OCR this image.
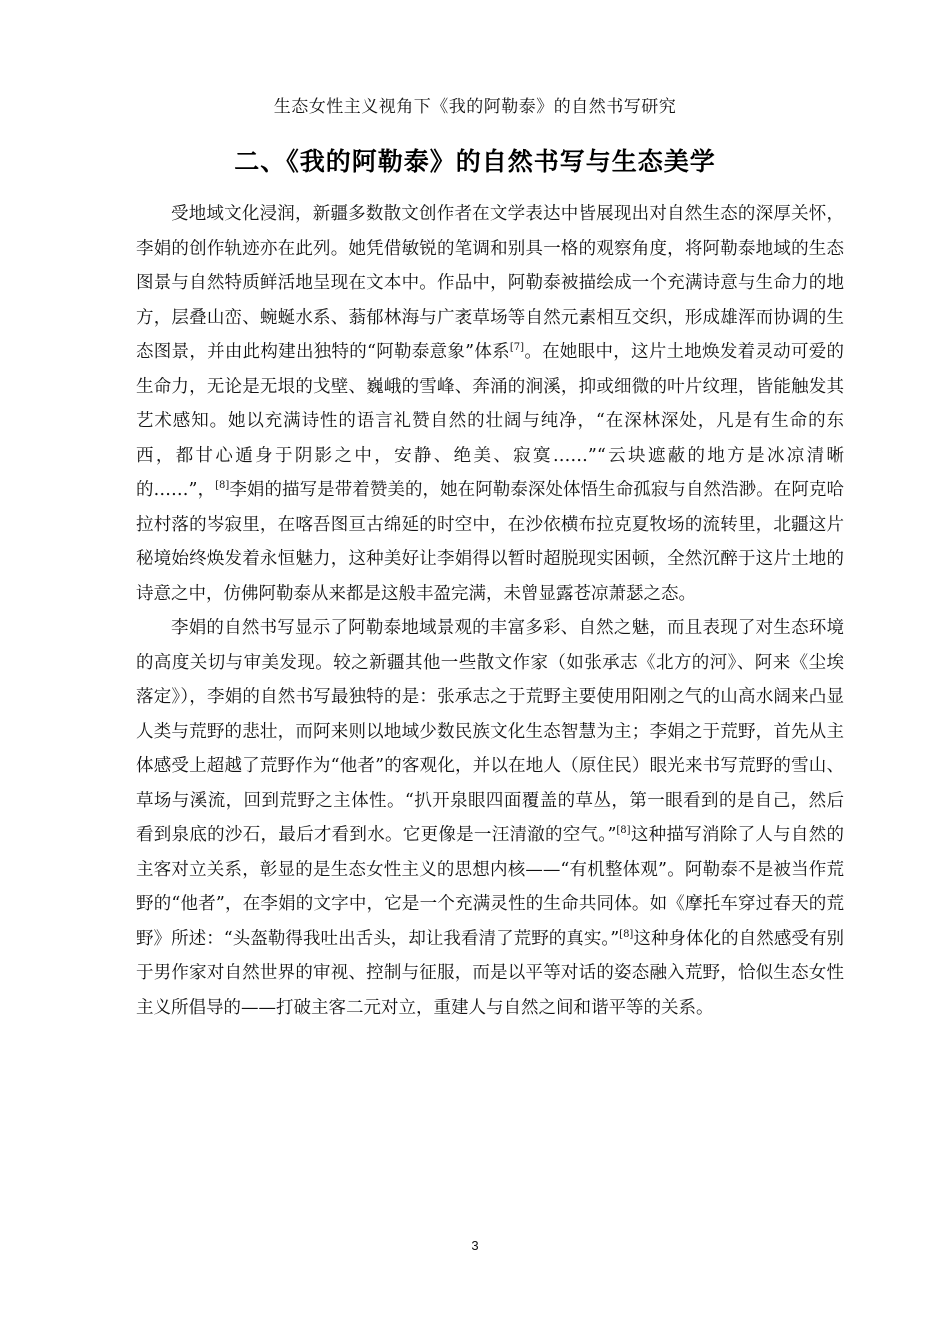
生态女性主义视角下《我的阿勒泰》的自然书写研究
二、《我的阿勒泰》的自然书写与生态美学

受地域文化浸润，新疆多数散文创作者在文学表达中皆展现出对自然生态的深厚关怀，李娟的创作轨迹亦在此列。她凭借敏锐的笔调和别具一格的观察角度，将阿勒泰地域的生态图景与自然特质鲜活地呈现在文本中。作品中，阿勒泰被描绘成一个充满诗意与生命力的地方，层叠山峦、蜿蜒水系、蓊郁林海与广袤草场等自然元素相互交织，形成雄浑而协调的生态图景，并由此构建出独特的“阿勒泰意象”体系[7]。在她眼中，这片土地焕发着灵动可爱的生命力，无论是无垠的戈壁、巍峨的雪峰、奔涌的涧溪，抑或细微的叶片纹理，皆能触发其艺术感知。她以充满诗性的语言礼赞自然的壮阔与纯净，“在深林深处，凡是有生命的东西，都甘心遁身于阴影之中，安静、绝美、寂寞……”“云块遮蔽的地方是冰凉清晰的……”，[8]李娟的描写是带着赞美的，她在阿勒泰深处体悟生命孤寂与自然浩渺。在阿克哈拉村落的岑寂里，在喀吾图亘古绵延的时空中，在沙依横布拉克夏牧场的流转里，北疆这片秘境始终焕发着永恒魅力，这种美好让李娟得以暂时超脱现实困顿，全然沉醉于这片土地的诗意之中，仿佛阿勒泰从来都是这般丰盈完满，未曾显露苍凉萧瑟之态。

李娟的自然书写显示了阿勒泰地域景观的丰富多彩、自然之魅，而且表现了对生态环境的高度关切与审美发现。较之新疆其他一些散文作家（如张承志《北方的河》、阿来《尘埃落定》），李娟的自然书写最独特的是：张承志之于荒野主要使用阳刚之气的山高水阔来凸显人类与荒野的悲壮，而阿来则以地域少数民族文化生态智慧为主；李娟之于荒野，首先从主体感受上超越了荒野作为“他者”的客观化，并以在地人（原住民）眼光来书写荒野的雪山、草场与溪流，回到荒野之主体性。“扒开泉眼四面覆盖的草丛，第一眼看到的是自己，然后看到泉底的沙石，最后才看到水。它更像是一汪清澈的空气。”[8]这种描写消除了人与自然的主客对立关系，彰显的是生态女性主义的思想内核——“有机整体观”。阿勒泰不是被当作荒野的“他者”，在李娟的文字中，它是一个充满灵性的生命共同体。如《摩托车穿过春天的荒野》所述：“头盔勒得我吐出舌头，却让我看清了荒野的真实。”[8]这种身体化的自然感受有别于男作家对自然世界的审视、控制与征服，而是以平等对话的姿态融入荒野，恰似生态女性主义所倡导的——打破主客二元对立，重建人与自然之间和谐平等的关系。

3
